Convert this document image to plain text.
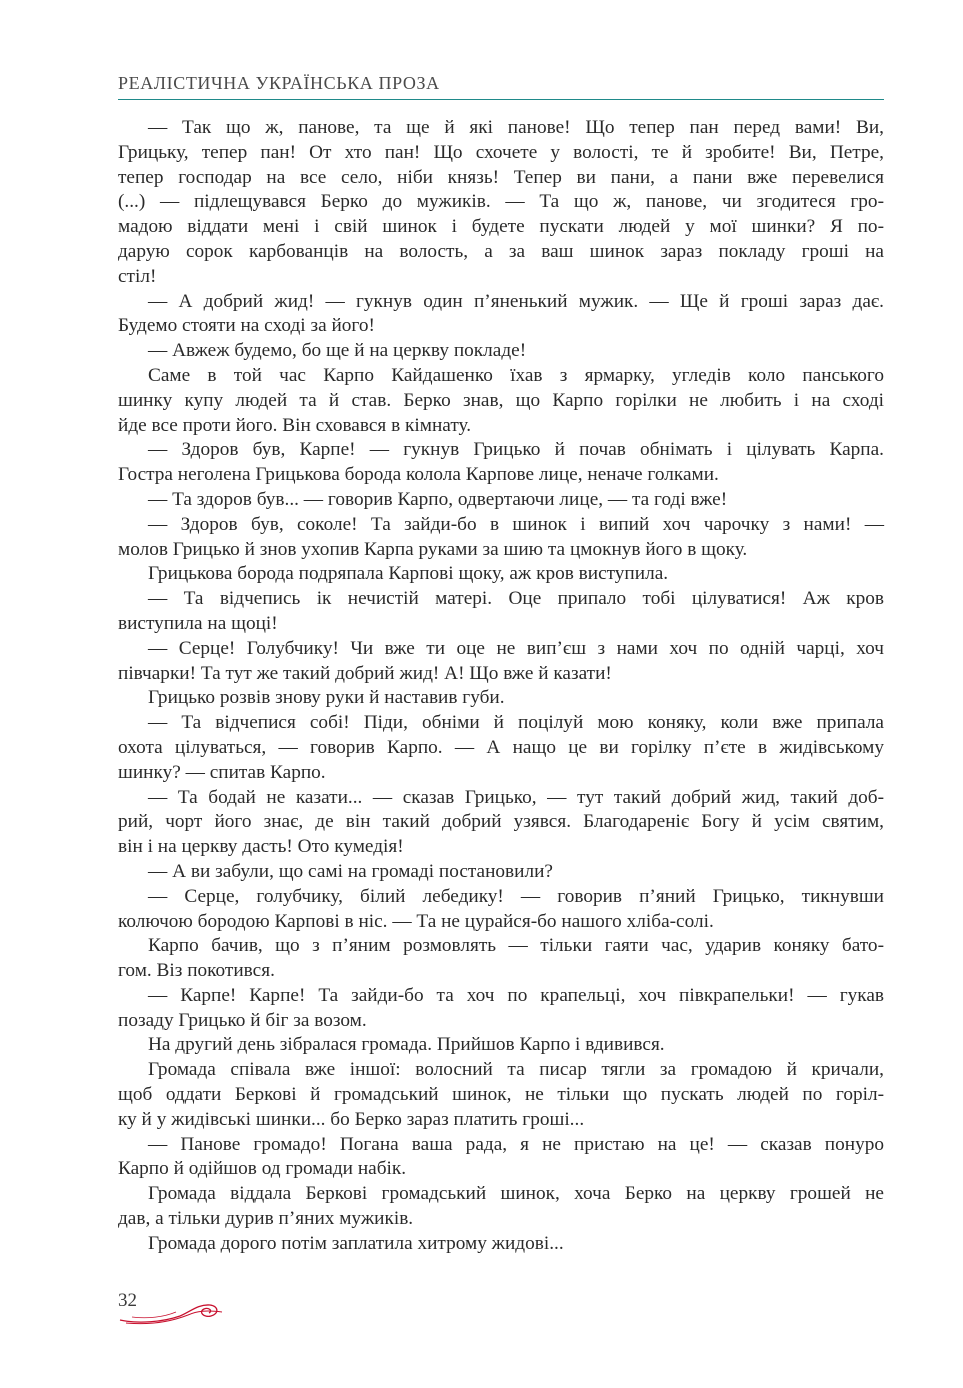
РЕАЛІСТИЧНА УКРАЇНСЬКА ПРОЗА
— Так що ж, панове, та ще й які панове! Що тепер пан перед вами! Ви,
Грицьку, тепер пан! От хто пан! Що схочете у волості, те й зробите! Ви, Петре,
тепер господар на все село, ніби князь! Тепер ви пани, а пани вже перевелися
(...) — підлещувався Берко до мужиків. — Та що ж, панове, чи згодитеся гро-
мадою віддати мені і свій шинок і будете пускати людей у мої шинки? Я по-
дарую сорок карбованців на волость, а за ваш шинок зараз покладу гроші на
стіл!
— А добрий жид! — гукнув один п’яненький мужик. — Ще й гроші зараз дає.
Будемо стояти на сході за його!
— Авжеж будемо, бо ще й на церкву покладе!
Саме в той час Карпо Кайдашенко їхав з ярмарку, угледів коло панського
шинку купу людей та й став. Берко знав, що Карпо горілки не любить і на сході
йде все проти його. Він сховався в кімнату.
— Здоров був, Карпе! — гукнув Грицько й почав обнімать і цілувать Карпа.
Гостра неголена Грицькова борода колола Карпове лице, неначе голками.
— Та здоров був... — говорив Карпо, одвертаючи лице, — та годі вже!
— Здоров був, соколе! Та зайди-бо в шинок і випий хоч чарочку з нами! —
молов Грицько й знов ухопив Карпа руками за шию та цмокнув його в щоку.
Грицькова борода подряпала Карпові щоку, аж кров виступила.
— Та відчепись ік нечистій матері. Оце припало тобі цілуватися! Аж кров
виступила на щоці!
— Серце! Голубчику! Чи вже ти оце не вип’єш з нами хоч по одній чарці, хоч
півчарки! Та тут же такий добрий жид! А! Що вже й казати!
Грицько розвів знову руки й наставив губи.
— Та відчепися собі! Піди, обніми й поцілуй мою коняку, коли вже припала
охота цілуваться, — говорив Карпо. — А нащо це ви горілку п’єте в жидівському
шинку? — спитав Карпо.
— Та бодай не казати... — сказав Грицько, — тут такий добрий жид, такий доб-
рий, чорт його знає, де він такий добрий узявся. Благодареніє Богу й усім святим,
він і на церкву дасть! Ото кумедія!
— А ви забули, що самі на громаді постановили?
— Серце, голубчику, білий лебедику! — говорив п’яний Грицько, тикнувши
колючою бородою Карпові в ніс. — Та не цурайся-бо нашого хліба-солі.
Карпо бачив, що з п’яним розмовлять — тільки гаяти час, ударив коняку бато-
гом. Віз покотився.
— Карпе! Карпе! Та зайди-бо та хоч по крапельці, хоч півкрапельки! — гукав
позаду Грицько й біг за возом.
На другий день зібралася громада. Прийшов Карпо і вдивився.
Громада співала вже іншої: волосний та писар тягли за громадою й кричали,
щоб оддати Беркові й громадський шинок, не тільки що пускать людей по горіл-
ку й у жидівські шинки... бо Берко зараз платить гроші...
— Панове громадо! Погана ваша рада, я не пристаю на це! — сказав понуро
Карпо й одійшов од громади набік.
Громада віддала Беркові громадський шинок, хоча Берко на церкву грошей не
дав, а тільки дурив п’яних мужиків.
Громада дорого потім заплатила хитрому жидові...
32
